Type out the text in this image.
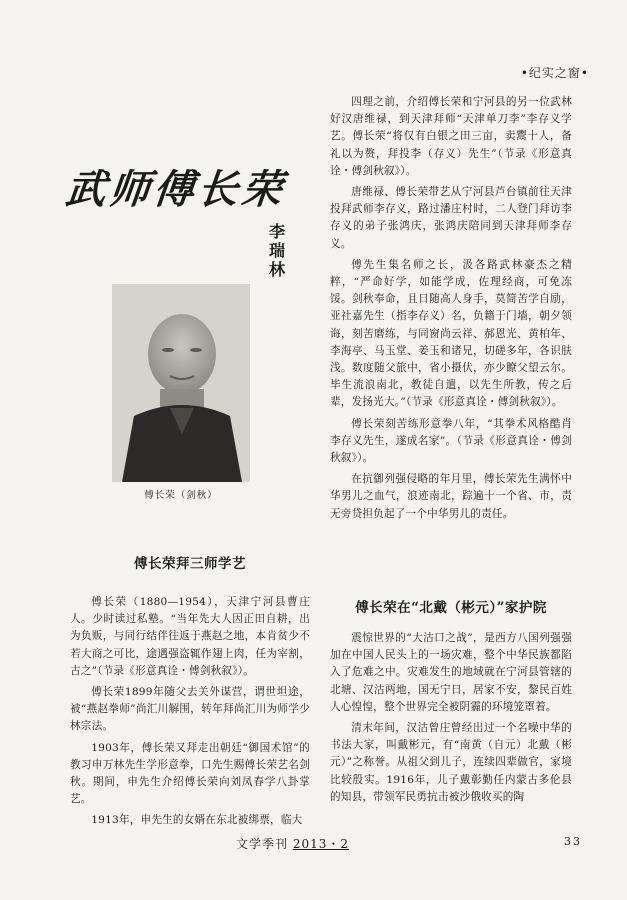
•纪实之窗•
武师傅长荣
李瑞林
傅长荣（剑秋）

四理之前，介绍傅长荣和宁河县的另一位武林好汉唐维禄，到天津拜师“天津单刀李”李存义学艺。傅长荣“将仅有白银之田三亩，卖鬻十人，备礼以为赘，拜投李（存义）先生”（节录《形意真诠・傅剑秋叙》）。

唐维禄、傅长荣带艺从宁河县芦台镇前往天津投拜武师李存义，路过潘庄村时，二人登门拜访李存义的弟子张鸿庆，张鸿庆陪同到天津拜师李存义。

傅先生集名师之长，汲各路武林豪杰之精粹，“严命好学，如能学成，佐理经商，可免冻馁。剑秋奉命，且日随高人身手，莫简苦学自励，亚社嘉先生（指李存义）名，负籍于门墙，朝夕领诲，刻苦磨练，与同窗尚云祥、郝恩光、黄柏年、李海亭、马玉堂、姜玉和诸兄，切磋多年，各识肤浅。数度随父旅中，省小摄伏，亦少瞭父望云尔。毕生流浪南北，教徒自遣，以先生所教，传之后辈，发扬光大。”（节录《形意真诠・傅剑秋叙》）。

傅长荣刻苦练形意拳八年，“其拳术风格酷肖李存义先生，遂成名家”。（节录《形意真诠・傅剑秋叙》）。

在抗御列强侵略的年月里，傅长荣先生满怀中华男儿之血气，浪迹南北，踪遍十一个省、市，责无旁贷担负起了一个中华男儿的责任。

傅长荣拜三师学艺

傅长荣（1880—1954），天津宁河县曹庄人。少时读过私塾。“当年先大人因正田自耕，出为负贩，与同行结伴往返于燕赵之地，本肯贫少不若大商之可比，途遇强盗辄作翅上肉，任为宰割，古之”（节录《形意真诠・傅剑秋叙》）。

傅长荣1899年随父去关外谋营，谓世坦途，被“燕赵拳师”尚汇川解围，转年拜尚汇川为师学少林宗法。

1903年，傅长荣又拜走出朝廷“御国术馆”的教习申万林先生学形意拳，口先生赐傅长荣艺名剑秋。期间，申先生介绍傅长荣向刘凤春学八卦掌艺。

1913年，申先生的女婿在东北被绑票，临大

傅长荣在“北戴（彬元）”家护院

震惊世界的“大沽口之战”，是西方八国列强强加在中国人民头上的一场灾难，整个中华民族都陷入了危难之中。灾难发生的地域就在宁河县管辖的北塘、汉沽两地，国无宁日，居家不安，黎民百姓人心惶惶，整个世界完全被阴霾的环境笼罩着。

清末年间，汉沽曾庄曾经出过一个名噪中华的书法大家，叫戴彬元，有“南黄（自元）北戴（彬元）”之称誉。从祖父到儿子，连续四辈做官，家境比较殷实。1916年，儿子戴彰勤任内蒙古多伦县的知县，带领军民勇抗击被沙俄收买的陶

文学季刊 2013・2	33
